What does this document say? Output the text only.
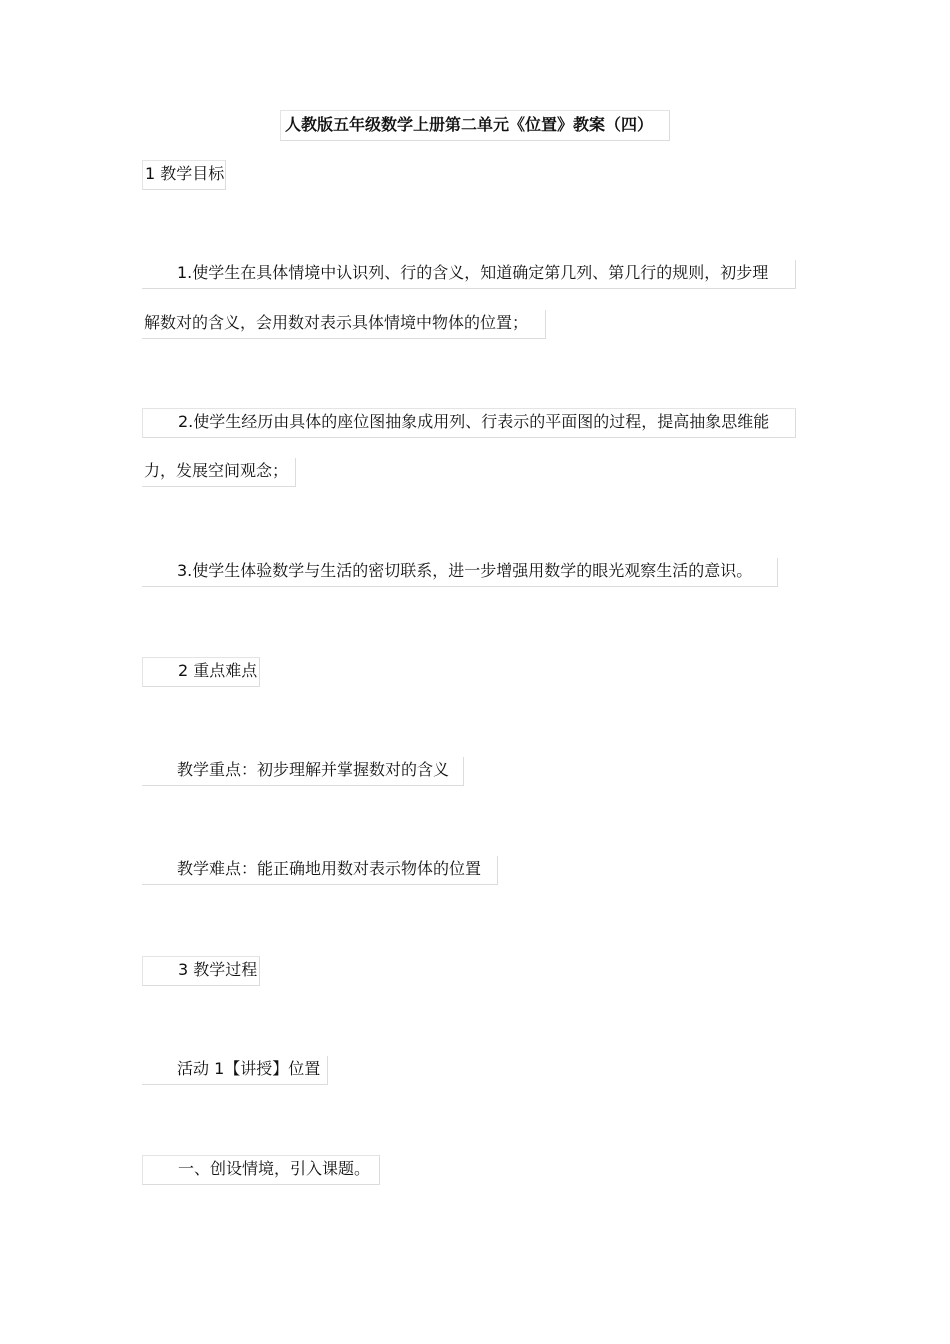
人教版五年级数学上册第二单元《位置》教案（四）
1 教学目标
1.使学生在具体情境中认识列、行的含义，知道确定第几列、第几行的规则，初步理
解数对的含义，会用数对表示具体情境中物体的位置；
2.使学生经历由具体的座位图抽象成用列、行表示的平面图的过程，提高抽象思维能
力，发展空间观念；
3.使学生体验数学与生活的密切联系，进一步增强用数学的眼光观察生活的意识。
2 重点难点
教学重点：初步理解并掌握数对的含义
教学难点：能正确地用数对表示物体的位置
3 教学过程
活动 1【讲授】位置
一、创设情境，引入课题。
